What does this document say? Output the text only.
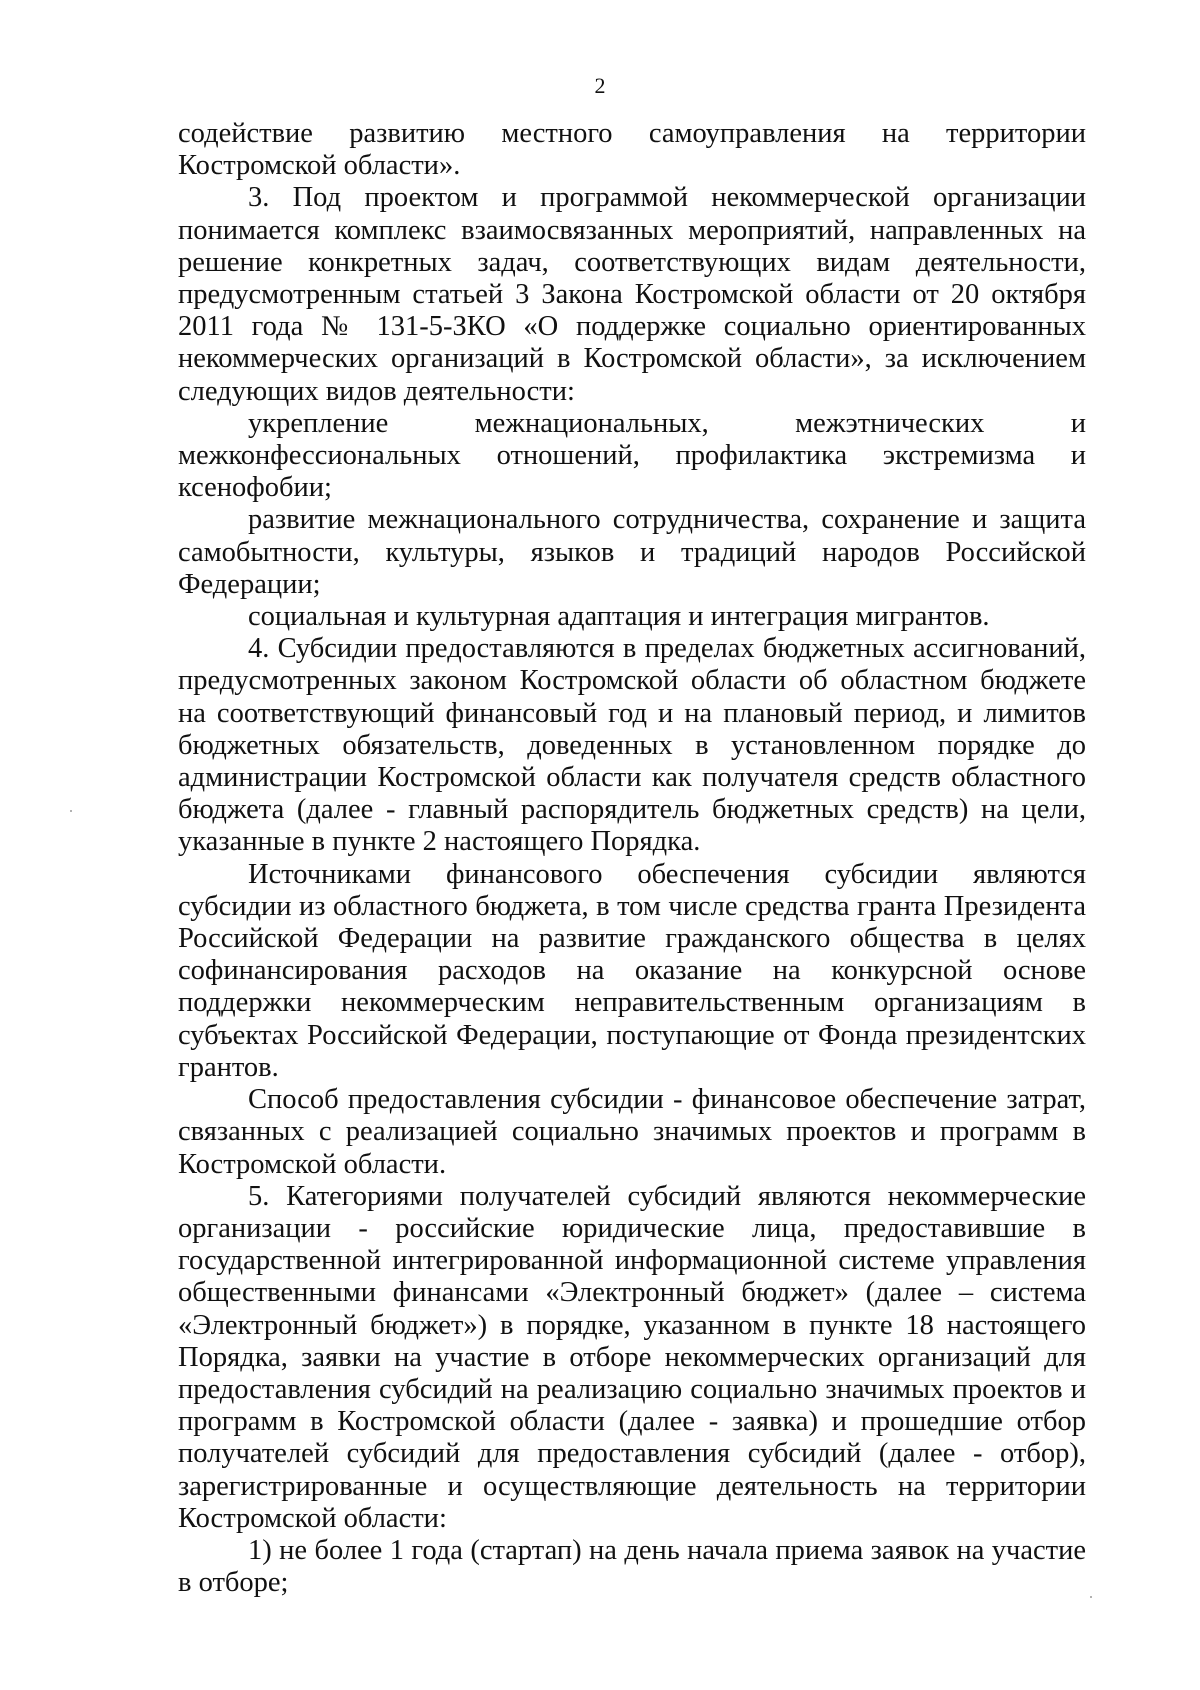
2

содействие развитию местного самоуправления на территории Костромской области».

3. Под проектом и программой некоммерческой организации понимается комплекс взаимосвязанных мероприятий, направленных на решение конкретных задач, соответствующих видам деятельности, предусмотренным статьей 3 Закона Костромской области от 20 октября 2011 года № 131-5-ЗКО «О поддержке социально ориентированных некоммерческих организаций в Костромской области», за исключением следующих видов деятельности:

укрепление межнациональных, межэтнических и межконфессиональных отношений, профилактика экстремизма и ксенофобии;

развитие межнационального сотрудничества, сохранение и защита самобытности, культуры, языков и традиций народов Российской Федерации;

социальная и культурная адаптация и интеграция мигрантов.

4. Субсидии предоставляются в пределах бюджетных ассигнований, предусмотренных законом Костромской области об областном бюджете на соответствующий финансовый год и на плановый период, и лимитов бюджетных обязательств, доведенных в установленном порядке до администрации Костромской области как получателя средств областного бюджета (далее - главный распорядитель бюджетных средств) на цели, указанные в пункте 2 настоящего Порядка.

Источниками финансового обеспечения субсидии являются субсидии из областного бюджета, в том числе средства гранта Президента Российской Федерации на развитие гражданского общества в целях софинансирования расходов на оказание на конкурсной основе поддержки некоммерческим неправительственным организациям в субъектах Российской Федерации, поступающие от Фонда президентских грантов.

Способ предоставления субсидии - финансовое обеспечение затрат, связанных с реализацией социально значимых проектов и программ в Костромской области.

5. Категориями получателей субсидий являются некоммерческие организации - российские юридические лица, предоставившие в государственной интегрированной информационной системе управления общественными финансами «Электронный бюджет» (далее – система «Электронный бюджет») в порядке, указанном в пункте 18 настоящего Порядка, заявки на участие в отборе некоммерческих организаций для предоставления субсидий на реализацию социально значимых проектов и программ в Костромской области (далее - заявка) и прошедшие отбор получателей субсидий для предоставления субсидий (далее - отбор), зарегистрированные и осуществляющие деятельность на территории Костромской области:

1) не более 1 года (стартап) на день начала приема заявок на участие в отборе;
